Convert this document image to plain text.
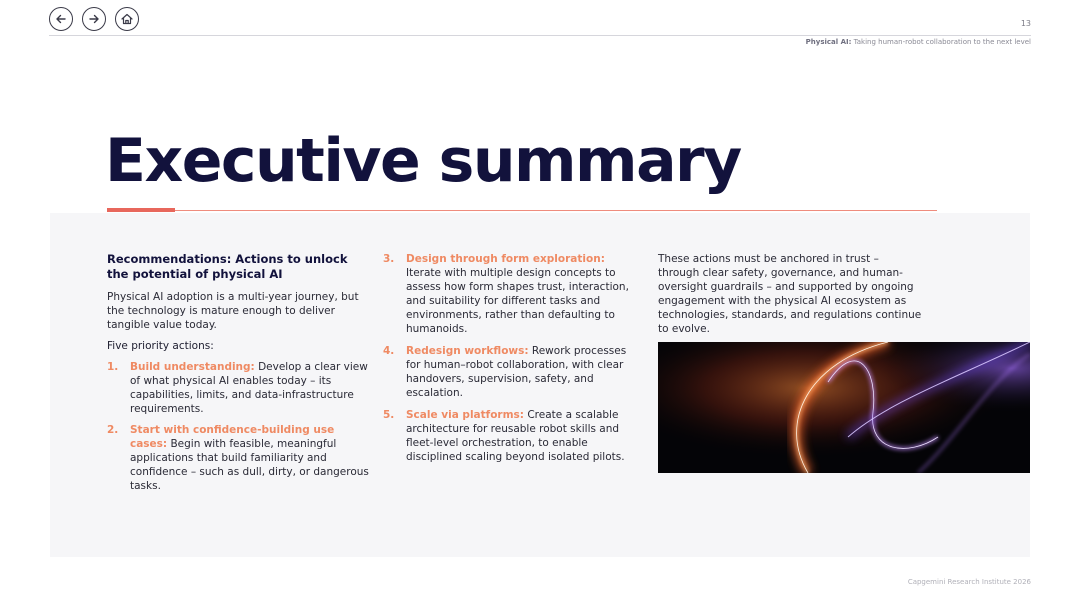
13
Physical AI: Taking human-robot collaboration to the next level
Executive summary
Recommendations: Actions to unlock the potential of physical AI

Physical AI adoption is a multi-year journey, but the technology is mature enough to deliver tangible value today.

Five priority actions:

1.	Build understanding: Develop a clear view of what physical AI enables today – its capabilities, limits, and data-infrastructure requirements.
2.	Start with confidence-building use cases: Begin with feasible, meaningful applications that build familiarity and confidence – such as dull, dirty, or dangerous tasks.
3.	Design through form exploration: Iterate with multiple design concepts to assess how form shapes trust, interaction, and suitability for different tasks and environments, rather than defaulting to humanoids.
4.	Redesign workflows: Rework processes for human–robot collaboration, with clear handovers, supervision, safety, and escalation.
5.	Scale via platforms: Create a scalable architecture for reusable robot skills and fleet-level orchestration, to enable disciplined scaling beyond isolated pilots.

These actions must be anchored in trust – through clear safety, governance, and human-oversight guardrails – and supported by ongoing engagement with the physical AI ecosystem as technologies, standards, and regulations continue to evolve.

Capgemini Research Institute 2026
